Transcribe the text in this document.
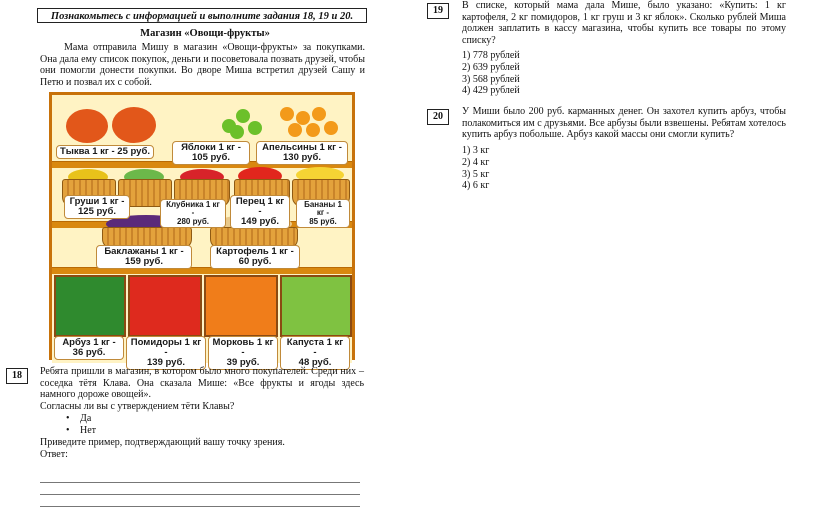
Познакомьтесь с информацией и выполните задания 18, 19 и 20.
Магазин «Овощи-фрукты»
Мама отправила Мишу в магазин «Овощи-фрукты» за покупками. Она дала ему список покупок, деньги и посоветовала позвать друзей, чтобы они помогли донести покупки. Во дворе Миша встретил друзей Сашу и Петю и позвал их с собой.
Тыква 1 кг - 25 руб.	Яблоки 1 кг -
105 руб.
Апельсины 1 кг -
130 руб.
Груши 1 кг -
125 руб.
Клубника 1 кг -
280 руб.
Перец 1 кг -
149 руб.
Бананы 1 кг -
85 руб.
Баклажаны 1 кг -
159 руб.
Картофель 1 кг -
60 руб.
Арбуз 1 кг -
36 руб.
Помидоры 1 кг -
139 руб.
Морковь 1 кг -
39 руб.
Капуста 1 кг -
48 руб.
18	Ребята пришли в магазин, в котором было много покупателей. Среди них – соседка тётя Клава. Она сказала Мише: «Все фрукты и ягоды здесь намного дороже овощей».
Согласны ли вы с утверждением тёти Клавы?
• Да
• Нет
Приведите пример, подтверждающий вашу точку зрения.
Ответ:
19	В списке, который мама дала Мише, было указано: «Купить: 1 кг картофеля, 2 кг помидоров, 1 кг груш и 3 кг яблок». Сколько рублей Миша должен заплатить в кассу магазина, чтобы купить все товары по этому списку?
1) 778 рублей
2) 639 рублей
3) 568 рублей
4) 429 рублей
20	У Миши было 200 руб. карманных денег. Он захотел купить арбуз, чтобы полакомиться им с друзьями. Все арбузы были взвешены. Ребятам хотелось купить арбуз побольше. Арбуз какой массы они смогли купить?
1) 3 кг
2) 4 кг
3) 5 кг
4) 6 кг
